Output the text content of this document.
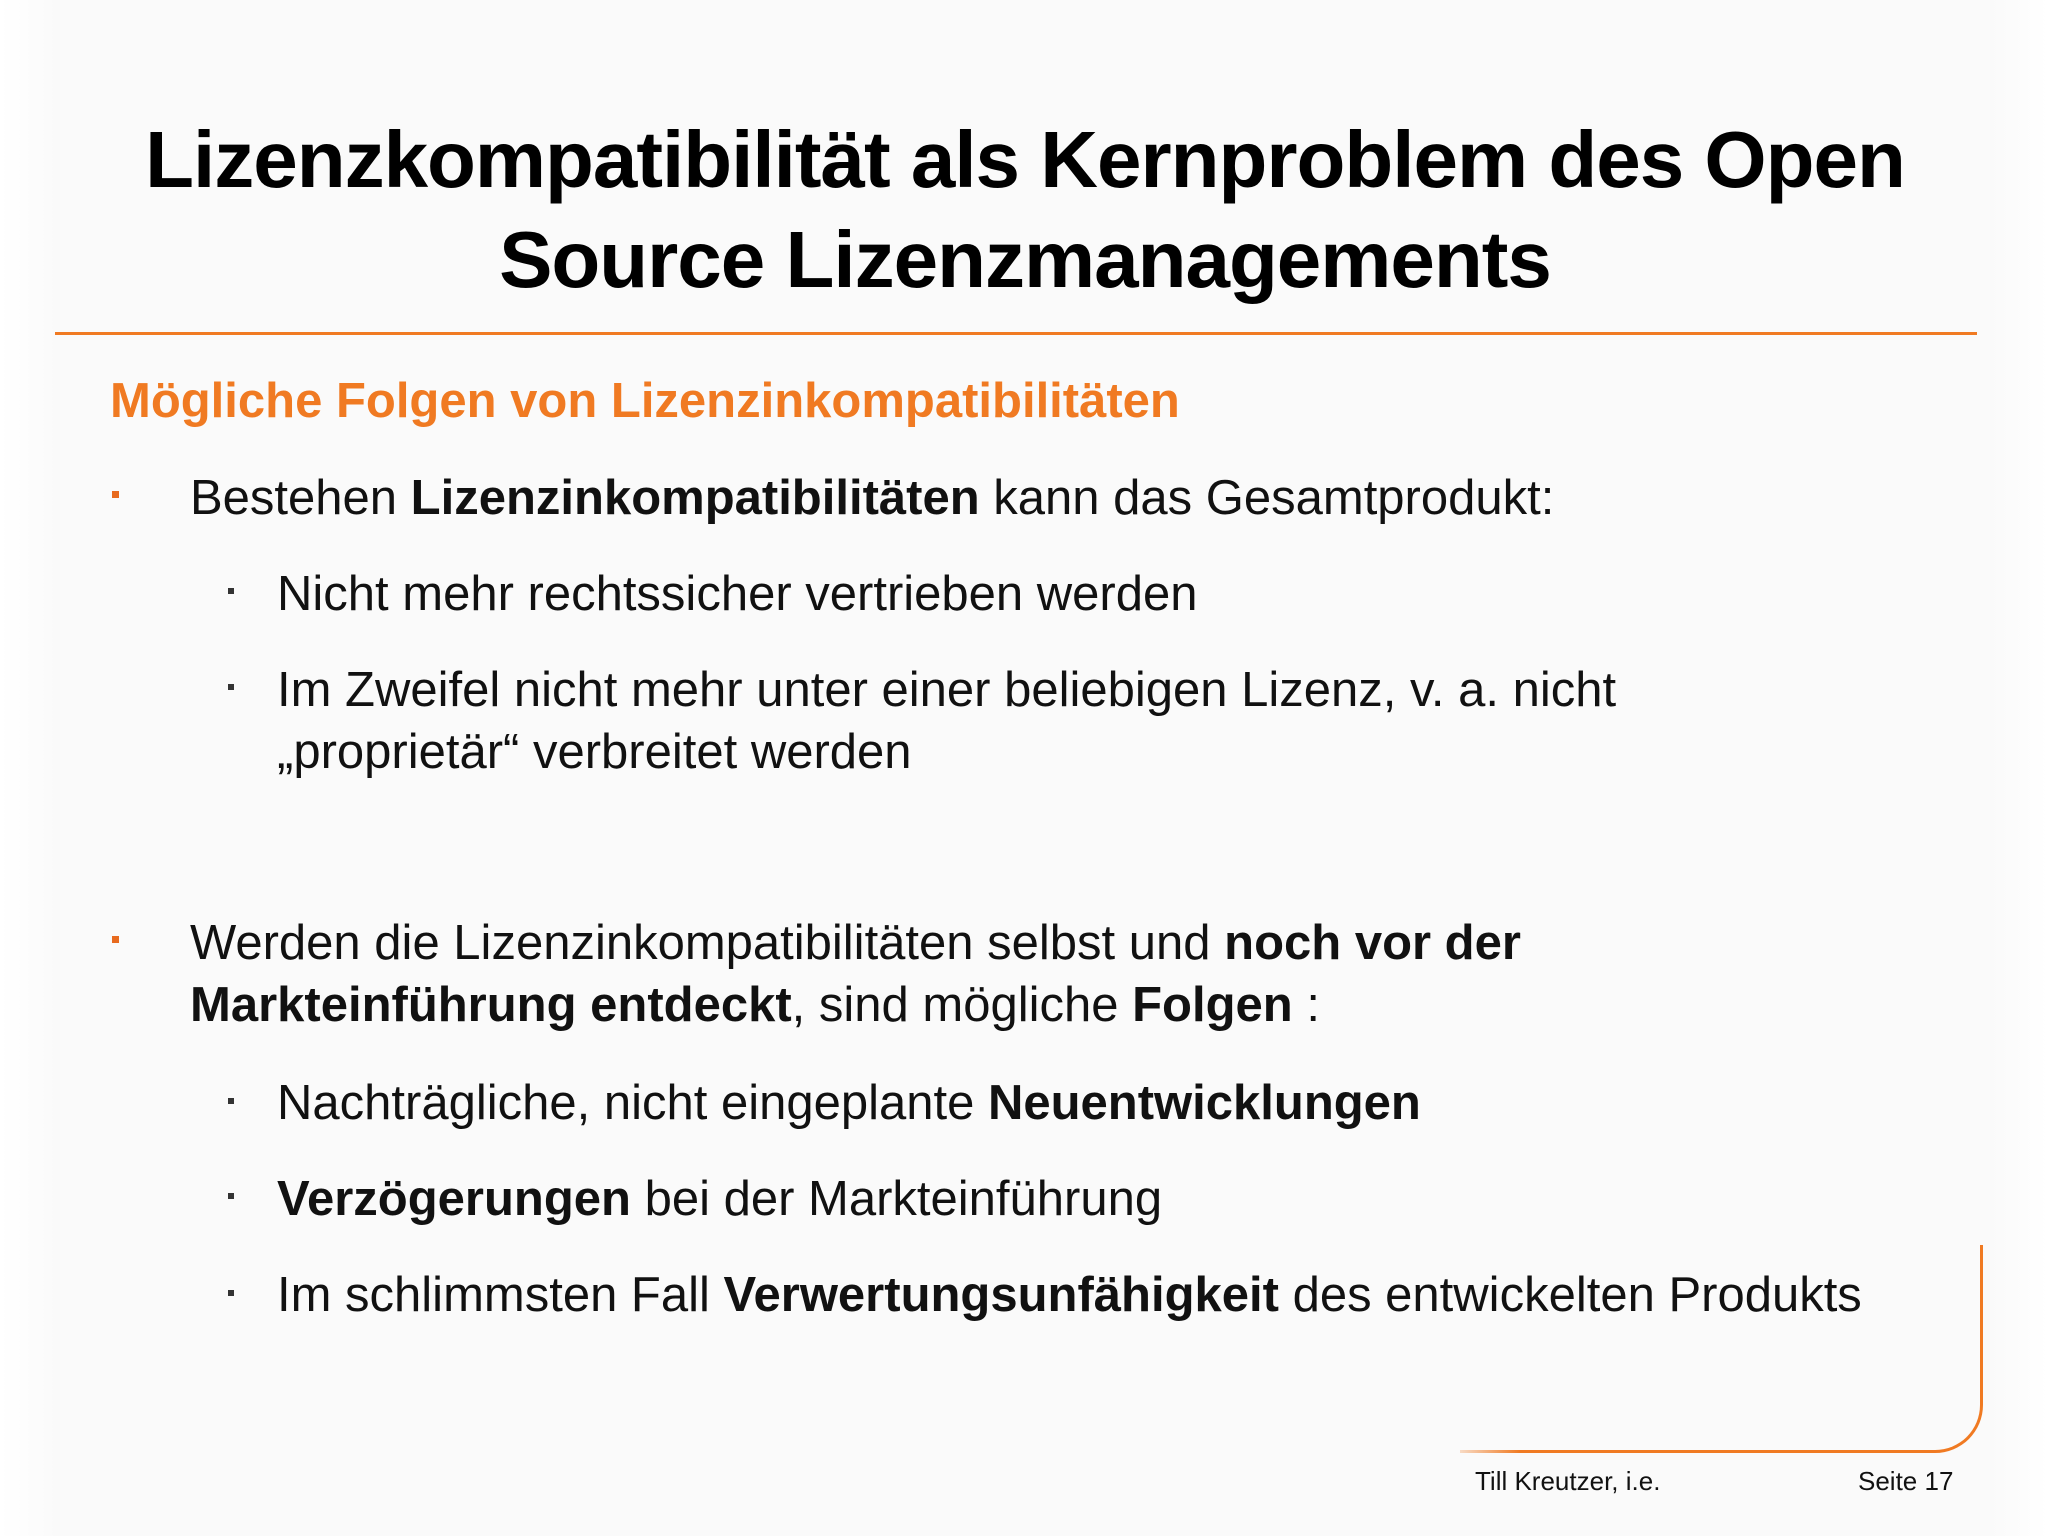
Lizenzkompatibilität als Kernproblem des Open Source Lizenzmanagements
Mögliche Folgen von Lizenzinkompatibilitäten
Bestehen Lizenzinkompatibilitäten kann das Gesamtprodukt:
Nicht mehr rechtssicher vertrieben werden
Im Zweifel nicht mehr unter einer beliebigen Lizenz, v. a. nicht „proprietär“ verbreitet werden
Werden die Lizenzinkompatibilitäten selbst und noch vor der Markteinführung entdeckt, sind mögliche Folgen :
Nachträgliche, nicht eingeplante Neuentwicklungen
Verzögerungen bei der Markteinführung
Im schlimmsten Fall Verwertungsunfähigkeit des entwickelten Produkts
Till Kreutzer, i.e.	Seite 17
